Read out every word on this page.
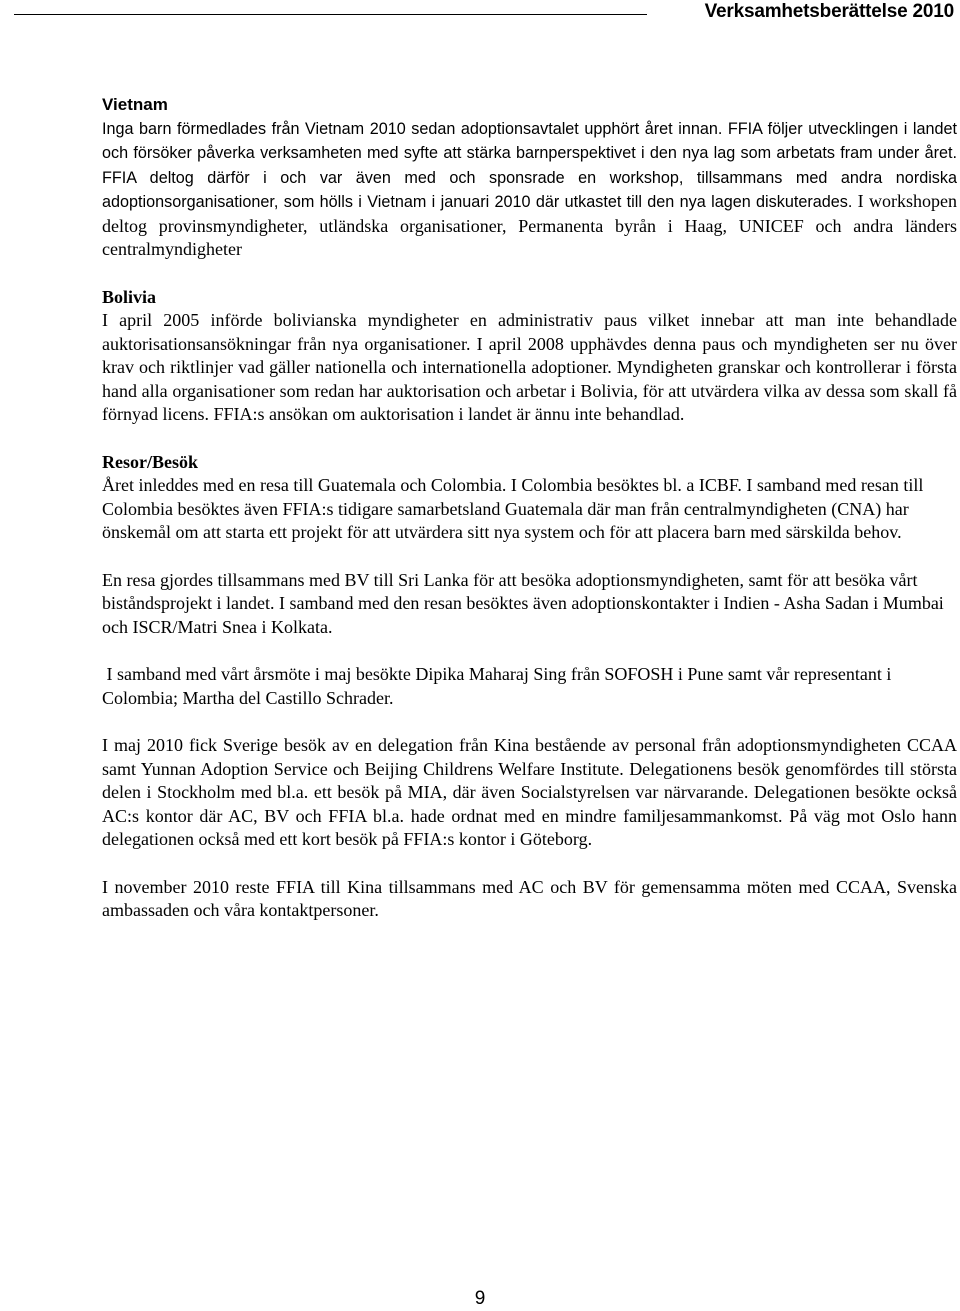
Verksamhetsberättelse 2010
Vietnam

Inga barn förmedlades från Vietnam 2010 sedan adoptionsavtalet upphört året innan. FFIA följer utvecklingen i landet och försöker påverka verksamheten med syfte att stärka barnperspektivet i den nya lag som arbetats fram under året. FFIA deltog därför i och var även med och sponsrade en workshop, tillsammans med andra nordiska adoptionsorganisationer, som hölls i Vietnam i januari 2010 där utkastet till den nya lagen diskuterades. I workshopen deltog provinsmyndigheter, utländska organisationer, Permanenta byrån i Haag, UNICEF och andra länders centralmyndigheter

Bolivia

I april 2005 införde bolivianska myndigheter en administrativ paus vilket innebar att man inte behandlade auktorisationsansökningar från nya organisationer. I april 2008 upphävdes denna paus och myndigheten ser nu över krav och riktlinjer vad gäller nationella och internationella adoptioner. Myndigheten granskar och kontrollerar i första hand alla organisationer som redan har auktorisation och arbetar i Bolivia, för att utvärdera vilka av dessa som skall få förnyad licens. FFIA:s ansökan om auktorisation i landet är ännu inte behandlad.

Resor/Besök

Året inleddes med en resa till Guatemala och Colombia. I Colombia besöktes bl. a ICBF. I samband med resan till Colombia besöktes även FFIA:s tidigare samarbetsland Guatemala där man från centralmyndigheten (CNA) har önskemål om att starta ett projekt för att utvärdera sitt nya system och för att placera barn med särskilda behov.

En resa gjordes tillsammans med BV till Sri Lanka för att besöka adoptionsmyndigheten, samt för att besöka vårt biståndsprojekt i landet. I samband med den resan besöktes även adoptionskontakter i Indien - Asha Sadan i Mumbai och ISCR/Matri Snea i Kolkata.

I samband med vårt årsmöte i maj besökte Dipika Maharaj Sing från SOFOSH i Pune samt vår representant i Colombia; Martha del Castillo Schrader.

I maj 2010 fick Sverige besök av en delegation från Kina bestående av personal från adoptionsmyndigheten CCAA samt Yunnan Adoption Service och Beijing Childrens Welfare Institute. Delegationens besök genomfördes till största delen i Stockholm med bl.a. ett besök på MIA, där även Socialstyrelsen var närvarande. Delegationen besökte också AC:s kontor där AC, BV och FFIA bl.a. hade ordnat med en mindre familjesammankomst. På väg mot Oslo hann delegationen också med ett kort besök på FFIA:s kontor i Göteborg.

I november 2010 reste FFIA till Kina tillsammans med AC och BV för gemensamma möten med CCAA, Svenska ambassaden och våra kontaktpersoner.

9
